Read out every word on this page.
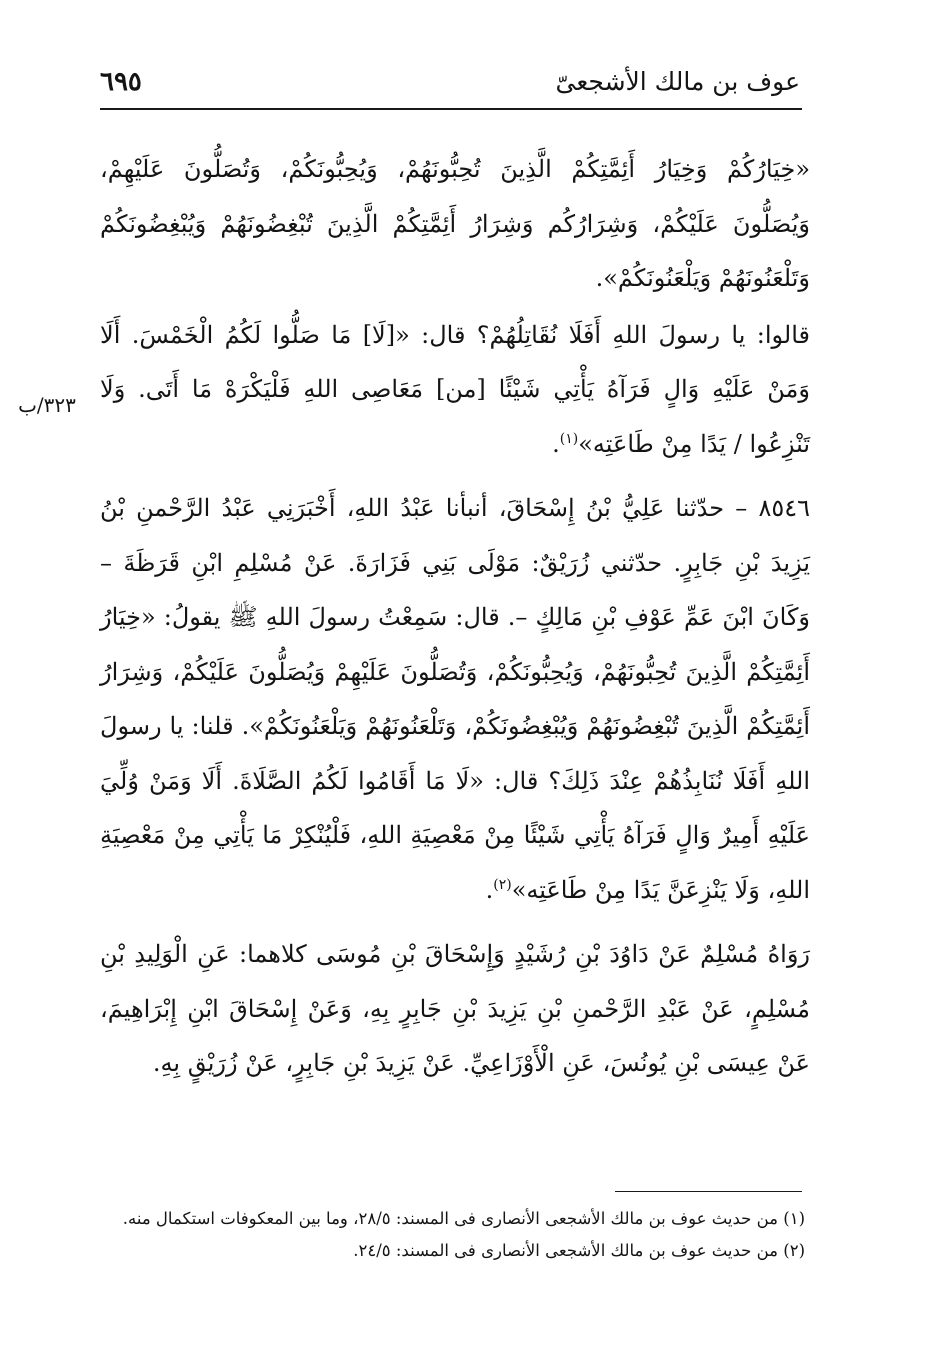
عوف بن مالك الأشجعىّ
٦٩٥

«خِيَارُكُمْ وَخِيَارُ أَئِمَّتِكُمْ الَّذِينَ تُحِبُّونَهُمْ، وَيُحِبُّونَكُمْ، وَتُصَلُّونَ عَلَيْهِمْ، وَيُصَلُّونَ عَلَيْكُمْ، وَشِرَارُكُم وَشِرَارُ أَئِمَّتِكُمْ الَّذِينَ تُبْغِضُونَهُمْ وَيُبْغِضُونَكُمْ وَتَلْعَنُونَهُمْ وَيَلْعَنُونَكُمْ».

قالوا: يا رسولَ اللهِ أَفَلَا نُقَاتِلُهُمْ؟ قال: «[لَا] مَا صَلُّوا لَكُمُ الْخَمْسَ. أَلَا وَمَنْ عَلَيْهِ وَالٍ فَرَآهُ يَأْتِي شَيْئًا [من] مَعَاصِى اللهِ فَلْيَكْرَهْ مَا أَتَى. وَلَا تَنْزِعُوا / يَدًا مِنْ طَاعَتِه»$^{(١)}$.

٨٥٤٦ – حدّثنا عَلِيُّ بْنُ إِسْحَاقَ، أنبأنا عَبْدُ اللهِ، أَخْبَرَنِي عَبْدُ الرَّحْمنِ بْنُ يَزِيدَ بْنِ جَابِرٍ. حدّثني زُرَيْقٌ: مَوْلَى بَنِي فَزَارَةَ. عَنْ مُسْلِمِ ابْنِ قَرَظَةَ – وَكَانَ ابْنَ عَمِّ عَوْفِ بْنِ مَالِكٍ –. قال: سَمِعْتُ رسولَ اللهِ ﷺ يقولُ: «خِيَارُ أَئِمَّتِكُمْ الَّذِينَ تُحِبُّونَهُمْ، وَيُحِبُّونَكُمْ، وَتُصَلُّونَ عَلَيْهِمْ وَيُصَلُّونَ عَلَيْكُمْ، وَشِرَارُ أَئِمَّتِكُمْ الَّذِينَ تُبْغِضُونَهُمْ وَيُبْغِضُونَكُمْ، وَتَلْعَنُونَهُمْ وَيَلْعَنُونَكُمْ». قلنا: يا رسولَ اللهِ أَفَلَا نُنَابِذُهُمْ عِنْدَ ذَلِكَ؟ قال: «لَا مَا أَقَامُوا لَكُمُ الصَّلَاةَ. أَلَا وَمَنْ وُلِّيَ عَلَيْهِ أَمِيرٌ وَالٍ فَرَآهُ يَأْتِي شَيْئًا مِنْ مَعْصِيَةِ اللهِ، فَلْيُنْكِرْ مَا يَأْتِي مِنْ مَعْصِيَةِ اللهِ، وَلَا يَنْزِعَنَّ يَدًا مِنْ طَاعَتِه»$^{(٢)}$.

رَوَاهُ مُسْلِمٌ عَنْ دَاوُدَ بْنِ رُشَيْدٍ وَإِسْحَاقَ بْنِ مُوسَى كلاهما: عَنِ الْوَلِيدِ بْنِ مُسْلِمٍ، عَنْ عَبْدِ الرَّحْمنِ بْنِ يَزِيدَ بْنِ جَابِرٍ بِهِ، وَعَنْ إِسْحَاقَ ابْنِ إِبْرَاهِيمَ، عَنْ عِيسَى بْنِ يُونُسَ، عَنِ الْأَوْزَاعِيِّ. عَنْ يَزِيدَ بْنِ جَابِرٍ، عَنْ زُرَيْقٍ بِهِ.

٣٢٣/ب

(١) من حديث عوف بن مالك الأشجعى الأنصارى فى المسند: ٢٨/٥، وما بين المعكوفات استكمال منه.

(٢) من حديث عوف بن مالك الأشجعى الأنصارى فى المسند: ٢٤/٥.
